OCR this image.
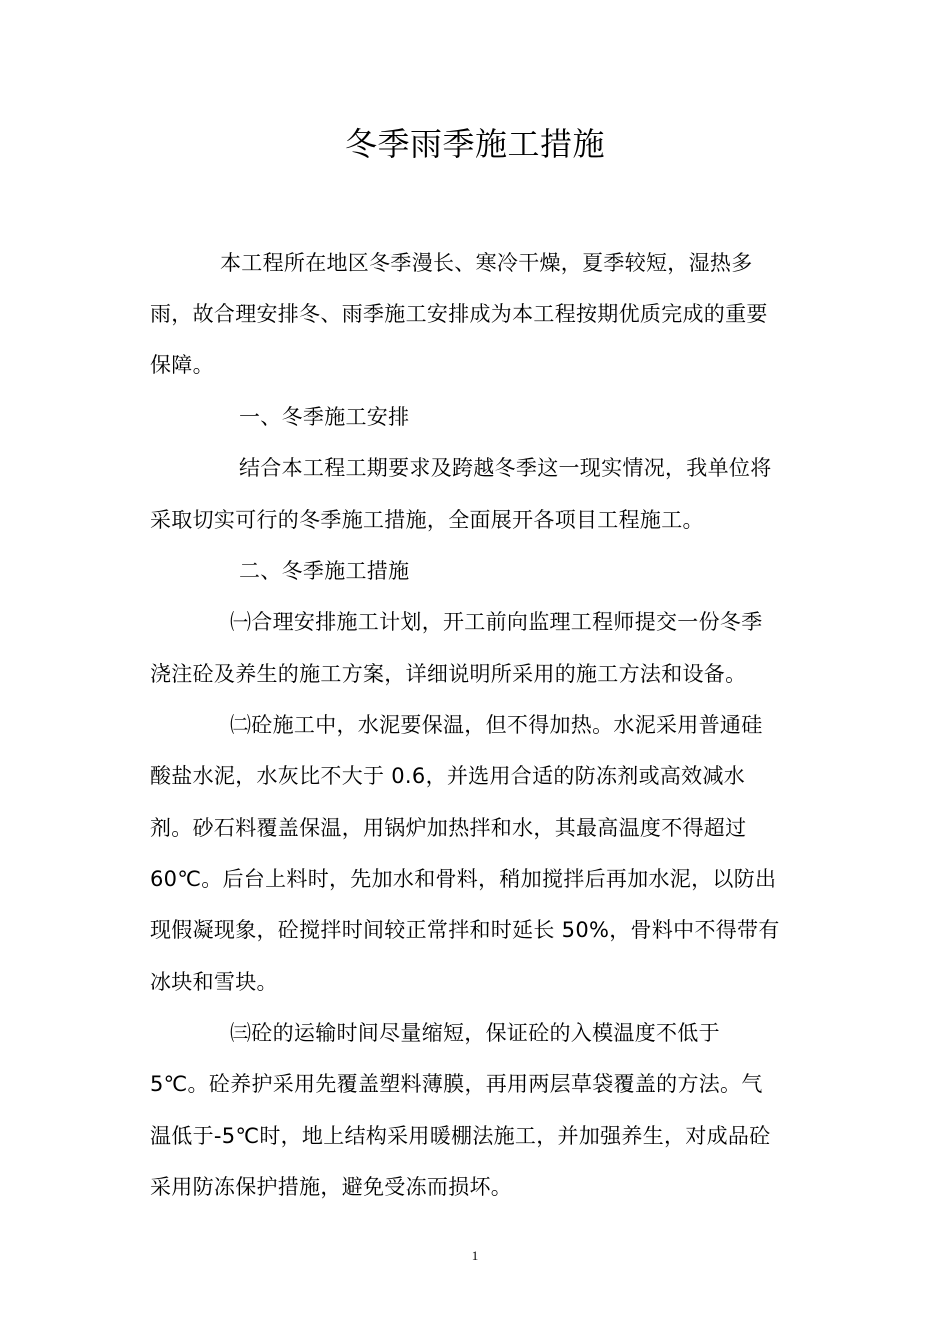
冬季雨季施工措施
本工程所在地区冬季漫长、寒冷干燥，夏季较短，湿热多
雨，故合理安排冬、雨季施工安排成为本工程按期优质完成的重要
保障。
一、冬季施工安排
结合本工程工期要求及跨越冬季这一现实情况，我单位将
采取切实可行的冬季施工措施，全面展开各项目工程施工。
二、冬季施工措施
㈠合理安排施工计划，开工前向监理工程师提交一份冬季
浇注砼及养生的施工方案，详细说明所采用的施工方法和设备。
㈡砼施工中，水泥要保温，但不得加热。水泥采用普通硅
酸盐水泥，水灰比不大于 0.6，并选用合适的防冻剂或高效减水
剂。砂石料覆盖保温，用锅炉加热拌和水，其最高温度不得超过
60℃。后台上料时，先加水和骨料，稍加搅拌后再加水泥，以防出
现假凝现象，砼搅拌时间较正常拌和时延长 50%，骨料中不得带有
冰块和雪块。
㈢砼的运输时间尽量缩短，保证砼的入模温度不低于
5℃。砼养护采用先覆盖塑料薄膜，再用两层草袋覆盖的方法。气
温低于-5℃时，地上结构采用暖棚法施工，并加强养生，对成品砼
采用防冻保护措施，避免受冻而损坏。
1
